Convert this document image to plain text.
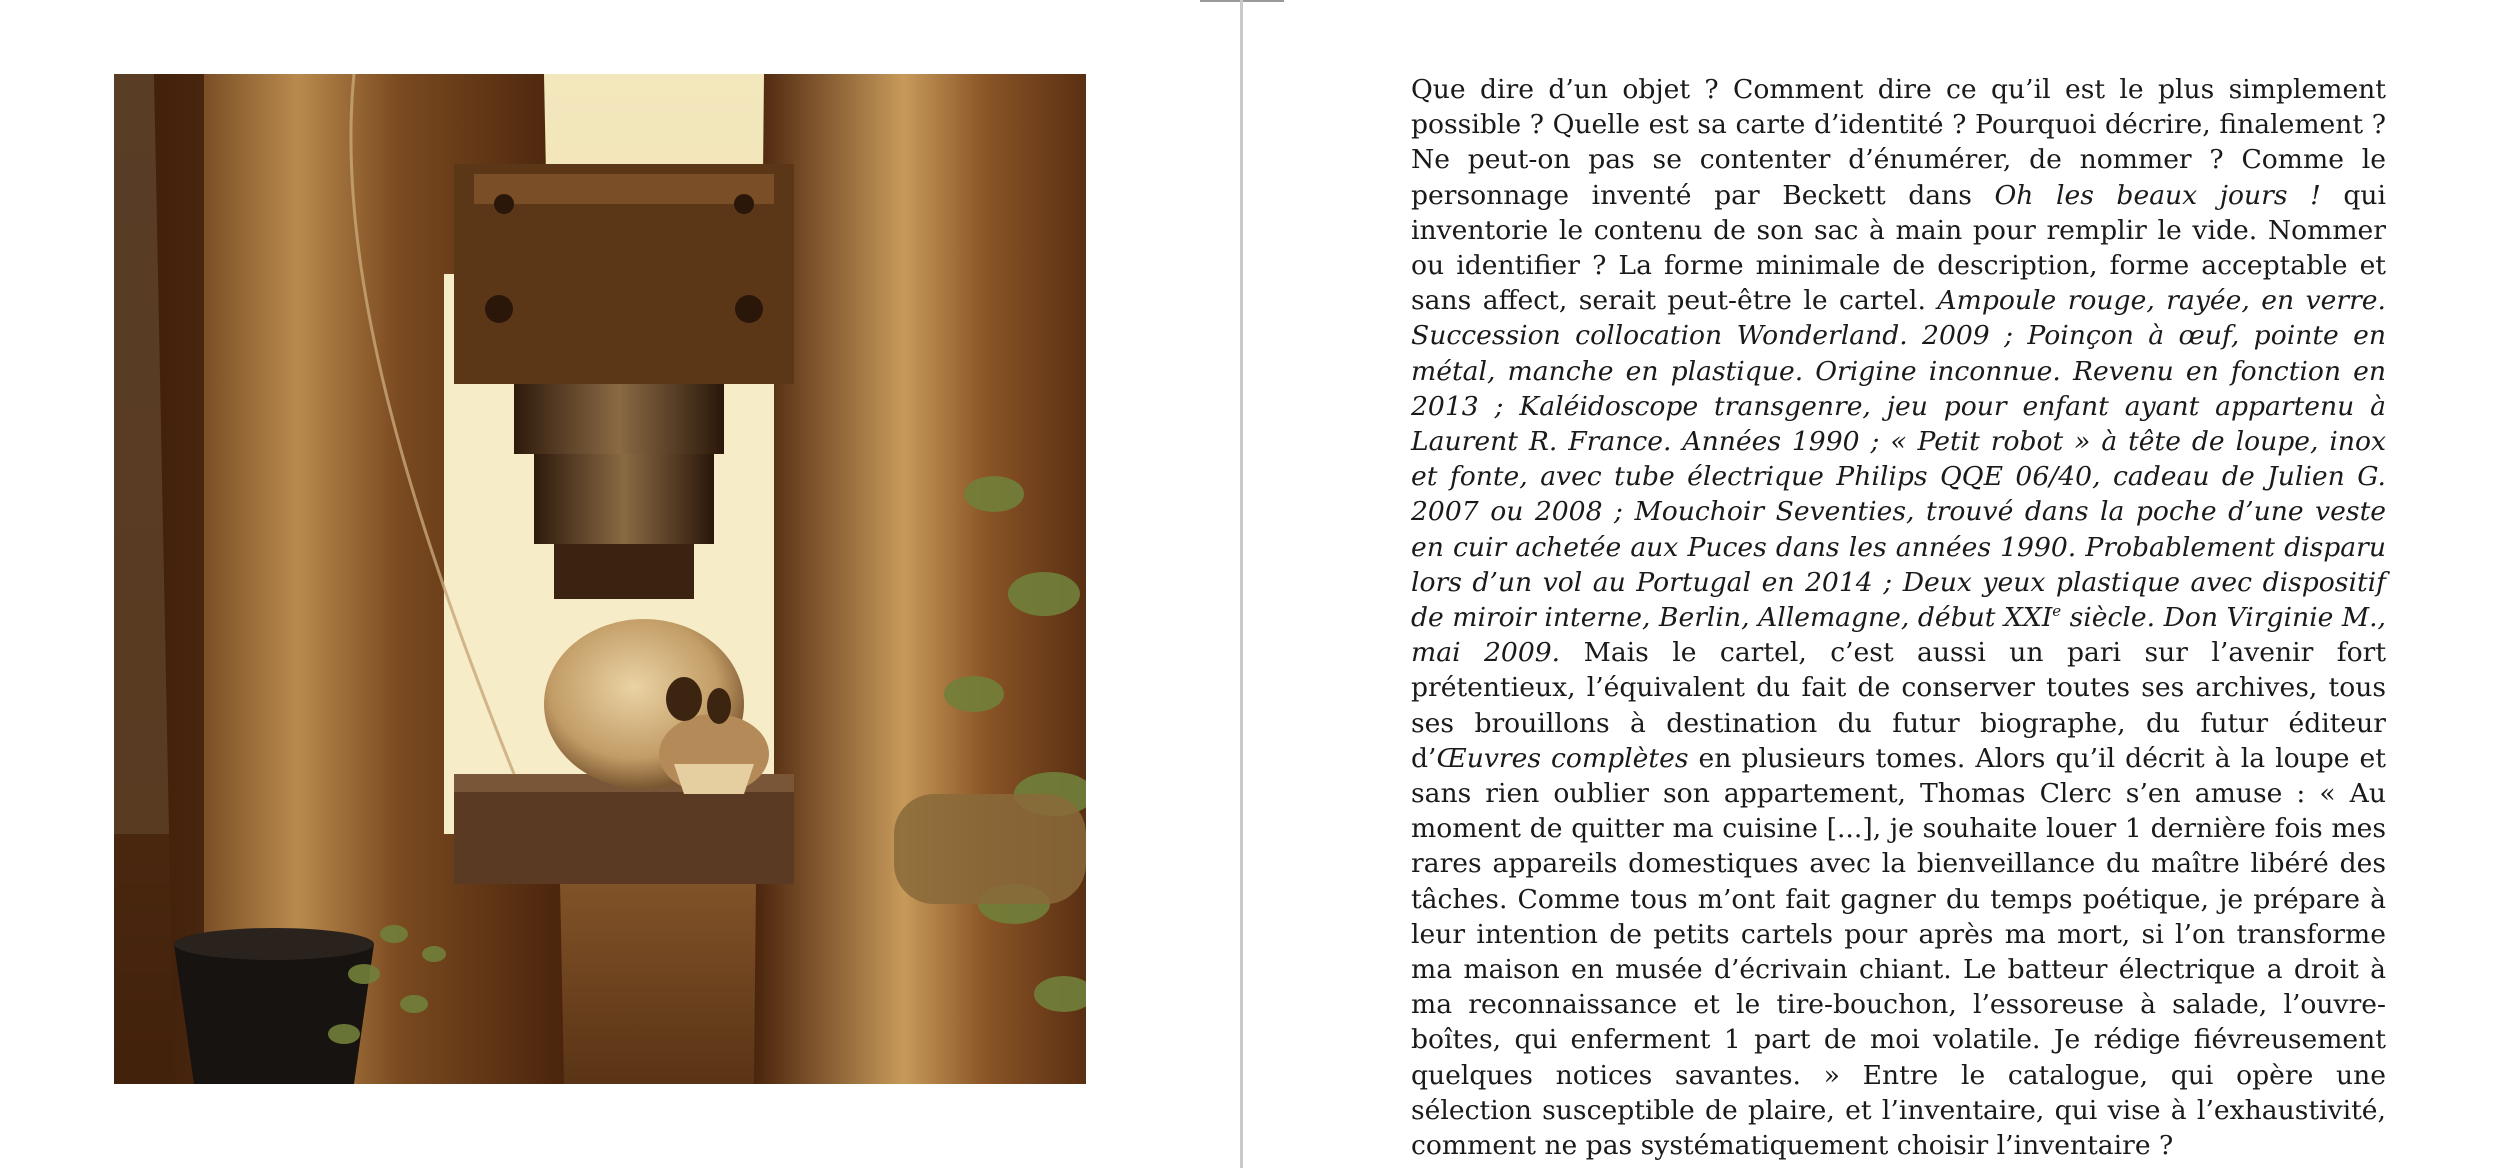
Que dire d’un objet ? Comment dire ce qu’il est le plus simplement possible ? Quelle est sa carte d’identité ? Pourquoi décrire, finalement ? Ne peut-on pas se contenter d’énumérer, de nommer ? Comme le personnage inventé par Beckett dans Oh les beaux jours ! qui inventorie le contenu de son sac à main pour remplir le vide. Nommer ou identifier ? La forme minimale de description, forme acceptable et sans affect, serait peut-être le cartel. Ampoule rouge, rayée, en verre. Succession collocation Wonderland. 2009 ; Poinçon à œuf, pointe en métal, manche en plastique. Origine inconnue. Revenu en fonction en 2013 ; Kaléidoscope transgenre, jeu pour enfant ayant appartenu à Laurent R. France. Années 1990 ; « Petit robot » à tête de loupe, inox et fonte, avec tube électrique Philips QQE 06/40, cadeau de Julien G. 2007 ou 2008 ; Mouchoir Seventies, trouvé dans la poche d’une veste en cuir achetée aux Puces dans les années 1990. Probablement disparu lors d’un vol au Portugal en 2014 ; Deux yeux plastique avec dispositif de miroir interne, Berlin, Allemagne, début XXIe siècle. Don Virginie M., mai 2009. Mais le cartel, c’est aussi un pari sur l’avenir fort prétentieux, l’équivalent du fait de conserver toutes ses archives, tous ses brouillons à destination du futur biographe, du futur éditeur d’Œuvres complètes en plusieurs tomes. Alors qu’il décrit à la loupe et sans rien oublier son appartement, Thomas Clerc s’en amuse : « Au moment de quitter ma cuisine [...], je souhaite louer 1 dernière fois mes rares appareils domestiques avec la bienveillance du maître libéré des tâches. Comme tous m’ont fait gagner du temps poétique, je prépare à leur intention de petits cartels pour après ma mort, si l’on transforme ma maison en musée d’écrivain chiant. Le batteur électrique a droit à ma reconnaissance et le tire-bouchon, l’essoreuse à salade, l’ouvre-boîtes, qui enferment 1 part de moi volatile. Je rédige fiévreusement quelques notices savantes. » Entre le catalogue, qui opère une sélection susceptible de plaire, et l’inventaire, qui vise à l’exhaustivité, comment ne pas systématiquement choisir l’inventaire ?
